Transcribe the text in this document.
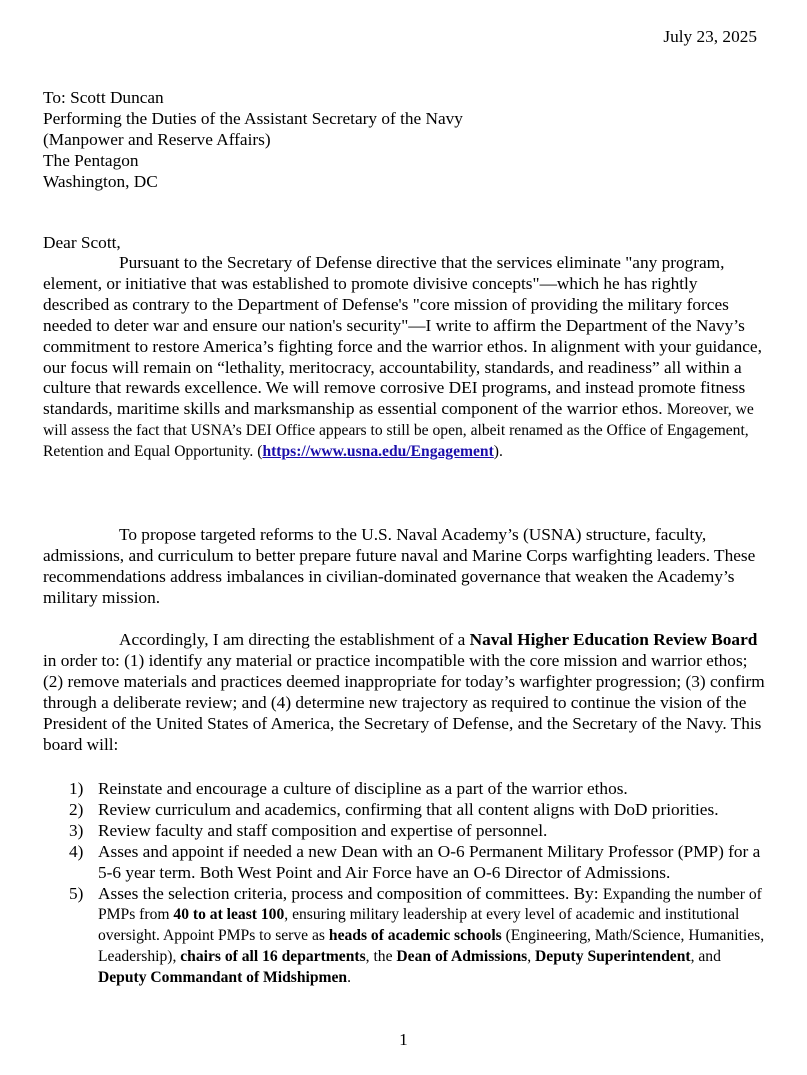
July 23, 2025
To: Scott Duncan
Performing the Duties of the Assistant Secretary of the Navy
(Manpower and Reserve Affairs)
The Pentagon
Washington, DC
Dear Scott,

Pursuant to the Secretary of Defense directive that the services eliminate "any program, element, or initiative that was established to promote divisive concepts"—which he has rightly described as contrary to the Department of Defense's "core mission of providing the military forces needed to deter war and ensure our nation's security"—I write to affirm the Department of the Navy’s commitment to restore America’s fighting force and the warrior ethos. In alignment with your guidance, our focus will remain on “lethality, meritocracy, accountability, standards, and readiness” all within a culture that rewards excellence. We will remove corrosive DEI programs, and instead promote fitness standards, maritime skills and marksmanship as essential component of the warrior ethos. Moreover, we will assess the fact that USNA’s DEI Office appears to still be open, albeit renamed as the Office of Engagement, Retention and Equal Opportunity. (https://www.usna.edu/Engagement).

To propose targeted reforms to the U.S. Naval Academy’s (USNA) structure, faculty, admissions, and curriculum to better prepare future naval and Marine Corps warfighting leaders. These recommendations address imbalances in civilian-dominated governance that weaken the Academy’s military mission.

Accordingly, I am directing the establishment of a Naval Higher Education Review Board in order to: (1) identify any material or practice incompatible with the core mission and warrior ethos; (2) remove materials and practices deemed inappropriate for today’s warfighter progression; (3) confirm through a deliberate review; and (4) determine new trajectory as required to continue the vision of the President of the United States of America, the Secretary of Defense, and the Secretary of the Navy. This board will:

1) Reinstate and encourage a culture of discipline as a part of the warrior ethos.
2) Review curriculum and academics, confirming that all content aligns with DoD priorities.
3) Review faculty and staff composition and expertise of personnel.
4) Asses and appoint if needed a new Dean with an O-6 Permanent Military Professor (PMP) for a 5-6 year term. Both West Point and Air Force have an O-6 Director of Admissions.
5) Asses the selection criteria, process and composition of committees. By: Expanding the number of PMPs from 40 to at least 100, ensuring military leadership at every level of academic and institutional oversight. Appoint PMPs to serve as heads of academic schools (Engineering, Math/Science, Humanities, Leadership), chairs of all 16 departments, the Dean of Admissions, Deputy Superintendent, and Deputy Commandant of Midshipmen.
1
